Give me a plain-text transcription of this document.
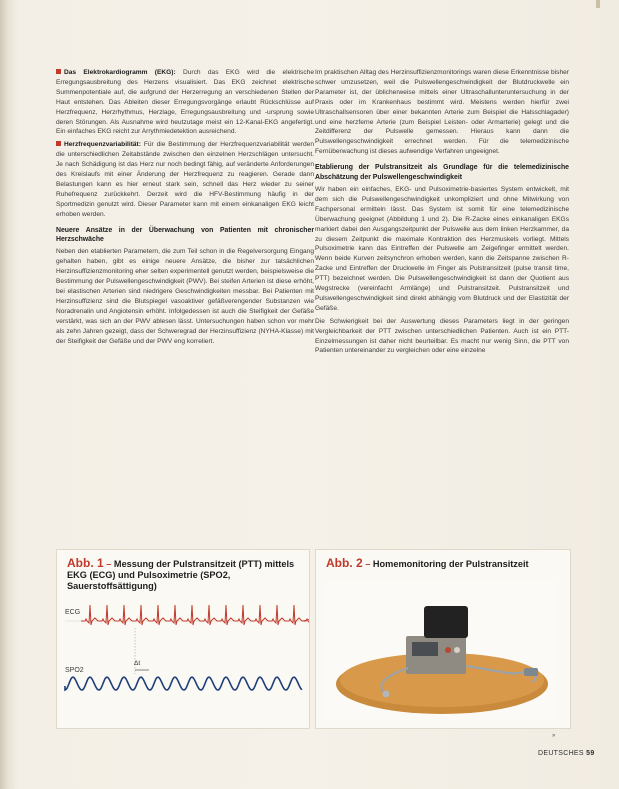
Das Elektrokardiogramm (EKG): Durch das EKG wird die elektrische Erregungsausbreitung des Herzens visualisiert. Das EKG zeichnet elektrische Summenpotentiale auf, die aufgrund der Herzerregung an verschiedenen Stellen der Haut entstehen. Das Ableiten dieser Erregungsvorgänge erlaubt Rückschlüsse auf Herzfrequenz, Herzrhythmus, Herzlage, Erregungsausbreitung und -ursprung sowie deren Störungen. Als Ausnahme wird heutzutage meist ein 12-Kanal-EKG angefertigt. Ein einfaches EKG reicht zur Arrythmiedetektion ausreichend.

Herzfrequenzvariabilität: Für die Bestimmung der Herzfrequenzvariabilität werden die unterschiedlichen Zeitabstände zwischen den einzelnen Herzschlägen untersucht. Je nach Schädigung ist das Herz nur noch bedingt fähig, auf veränderte Anforderungen des Kreislaufs mit einer Änderung der Herzfrequenz zu reagieren. Gerade dann Belastungen kann es hier erneut stark sein, schnell das Herz wieder zu seiner Ruhefrequenz zurückkehrt. Derzeit wird die HFV-Bestimmung häufig in der Sportmedizin genutzt wird. Dieser Parameter kann mit einem einkanaligen EKG leicht erhoben werden.

Neuere Ansätze in der Überwachung von Patienten mit chronischer Herzschwäche

Neben den etablierten Parametern, die zum Teil schon in die Regelversorgung Eingang gehalten haben, gibt es einige neuere Ansätze, die bisher zur tatsächlichen Herzinsuffizienzmonitoring eher selten experimentell genutzt werden, beispielsweise die Bestimmung der Pulswellengeschwindigkeit (PWV). Bei steifen Arterien ist diese erhöht, bei elastischen Arterien sind niedrigere Geschwindigkeiten messbar. Bei Patienten mit Herzinsuffizienz sind die Blutspiegel vasoaktiver gefäßverengender Substanzen wie Noradrenalin und Angiotensin erhöht. Infolgedessen ist auch die Steifigkeit der Gefäße verstärkt, was sich an der PWV ablesen lässt. Untersuchungen haben schon vor mehr als zehn Jahren gezeigt, dass der Schweregrad der Herzinsuffizienz (NYHA-Klasse) mit der Steifigkeit der Gefäße und der PWV eng korreliert.

Im praktischen Alltag des Herzinsuffizienzmonitorings waren diese Erkenntnisse bisher schwer umzusetzen, weil die Pulswellengeschwindigkeit der Blutdruckwelle ein Parameter ist, der üblicherweise mittels einer Ultraschallunteruntersuchung in der Praxis oder im Krankenhaus bestimmt wird. Meistens werden hierfür zwei Ultraschallsensoren über einer bekannten Arterie zum Beispiel die Halsschlagader) und eine herzferne Arterie (zum Beispiel Leisten- oder Armarterie) gelegt und die Zeitdifferenz der Pulswelle gemessen. Hieraus kann dann die Pulswellengeschwindigkeit errechnet werden. Für die telemedizinische Fernüberwachung ist dieses aufwendige Verfahren ungeeignet.

Etablierung der Pulstransitzeit als Grundlage für die telemedizinische Abschätzung der Pulswellengeschwindigkeit

Wir haben ein einfaches, EKG- und Pulsoximetrie-basiertes System entwickelt, mit dem sich die Pulswellengeschwindigkeit unkompliziert und ohne Mitwirkung von Fachpersonal ermitteln lässt. Das System ist somit für eine telemedizinische Überwachung geeignet (Abbildung 1 und 2). Die R-Zacke eines einkanaligen EKGs markiert dabei den Ausgangszeitpunkt der Pulswelle aus dem linken Herzkammer, da zu diesem Zeitpunkt die maximale Kontraktion des Herzmuskels vorliegt. Mittels Pulsoximetrie kann das Eintreffen der Pulswelle am Zeigefinger ermittelt werden. Wenn beide Kurven zeitsynchron erhoben werden, kann die Zeitspanne zwischen R-Zacke und Eintreffen der Druckwelle im Finger als Pulstransitzeit (pulse transit time, PTT) bezeichnet werden. Die Pulswellengeschwindigkeit ist dann der Quotient aus Wegstrecke (vereinfacht Armlänge) und Pulstransitzeit. Pulstransitzeit und Pulswellengeschwindigkeit sind direkt abhängig vom Blutdruck und der Elastizität der Gefäße.

Die Schwierigkeit bei der Auswertung dieses Parameters liegt in der geringen Vergleichbarkeit der PTT zwischen unterschiedlichen Patienten. Auch ist ein PTT-Einzelmessungen ist daher nicht beurteilbar. Es macht nur wenig Sinn, die PTT von Patienten untereinander zu vergleichen oder eine einzelne

Abb. 1 – Messung der Pulstransitzeit (PTT) mittels EKG (ECG) und Pulsoximetrie (SPO2, Sauerstoffsättigung)
ECG
SPO2
Δt
Abb. 2 – Homemonitoring der Pulstransitzeit
»
DEUTSCHES 59
